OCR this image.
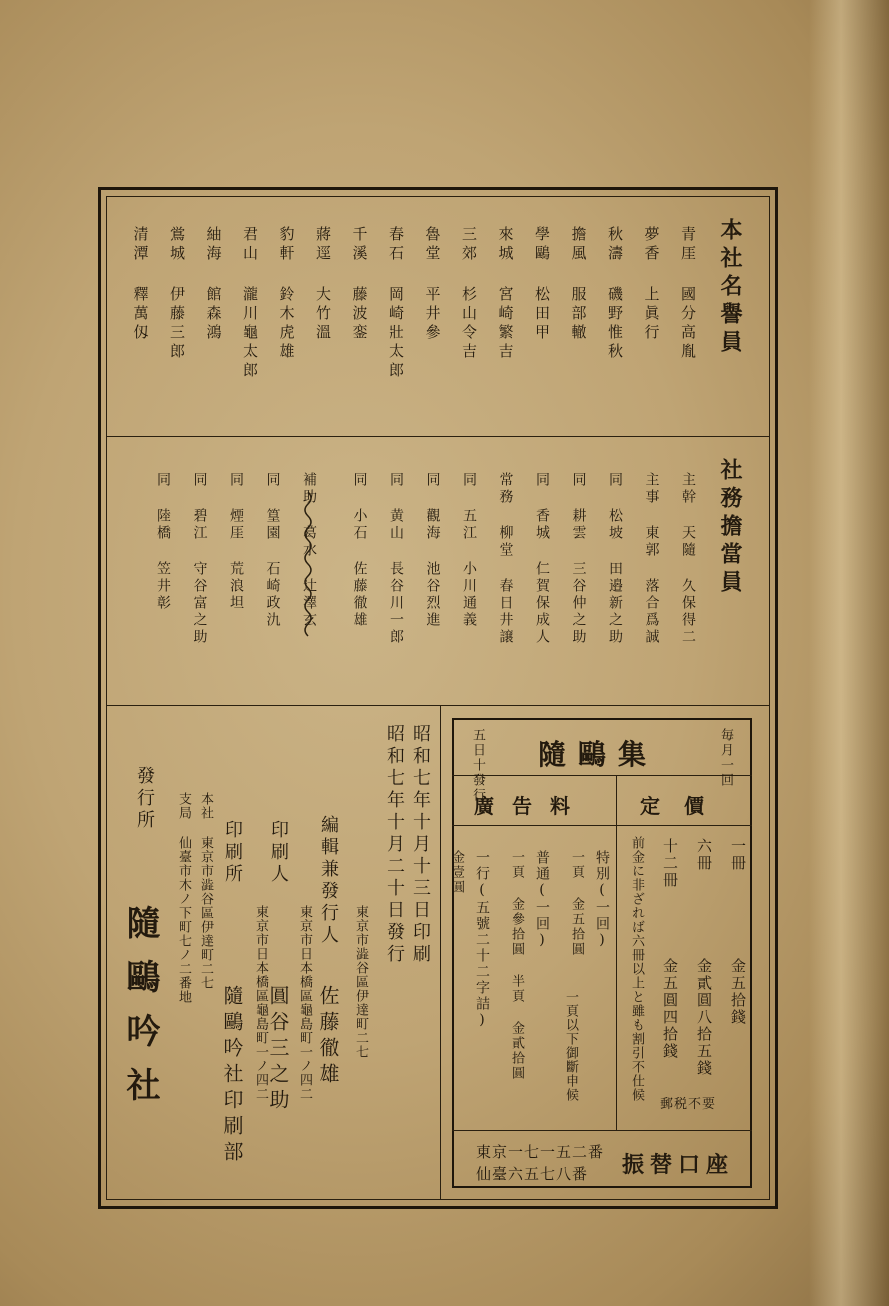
本社名譽員
青厓 國分高胤
夢香 上眞行
秋濤 磯野惟秋
擔風 服部轍
學鷗 松田甲
來城 宮崎繁吉
三郊 杉山令吉
魯堂 平井參
春石 岡崎壯太郎
千溪 藤波銮
蔣逕 大竹溫
豹軒 鈴木虎雄
君山 瀧川龜太郎
紬海 館森鴻
鴬城 伊藤三郎
清潭 釋萬仭
社務擔當員
主幹 天隨 久保得二
主事 東郭 落合爲誠
同 松坡 田邉新之助
同 耕雲 三谷仲之助
同 香城 仁賀保成人
常務 柳堂 春日井譲
同 五江 小川通義
同 觀海 池谷烈進
同 黄山 長谷川一郎
同 小石 佐藤徹雄
補助 葛水 辻澤玄
同 篁園 石崎政氿
同 煙厓 荒浪坦
同 碧江 守谷富之助
同 陸橋 笠井彰
昭和七年十月十三日印刷
昭和七年十月二十日發行
東京市澁谷區伊達町二七
編輯兼發行人
佐藤徹雄
東京市日本橋區龜島町一ノ四二
印刷人
圓谷三之助
東京市日本橋區龜島町一ノ四二
印刷所
隨鷗吟社印刷部
本社 東京市澁谷區伊達町二七
支局 仙臺市木ノ下町七ノ二番地
發行所
隨鷗吟社
毎月一回
五日十發行 隨鷗集
定價
廣告料
一冊
金五拾錢
六冊
金貳圓八拾五錢
十二冊
金五圓四拾錢
前金に非ざれば六冊以上と雖も割引不仕候
郵税不要
特別(一回)
一頁 金五拾圓
普通(一回)
一頁 金參拾圓 半頁 金貳拾圓
一行(五號二十二字詰)
金壹圓
一頁以下御斷申候
振替口座
東京一七一五二番
仙臺六五七八番
